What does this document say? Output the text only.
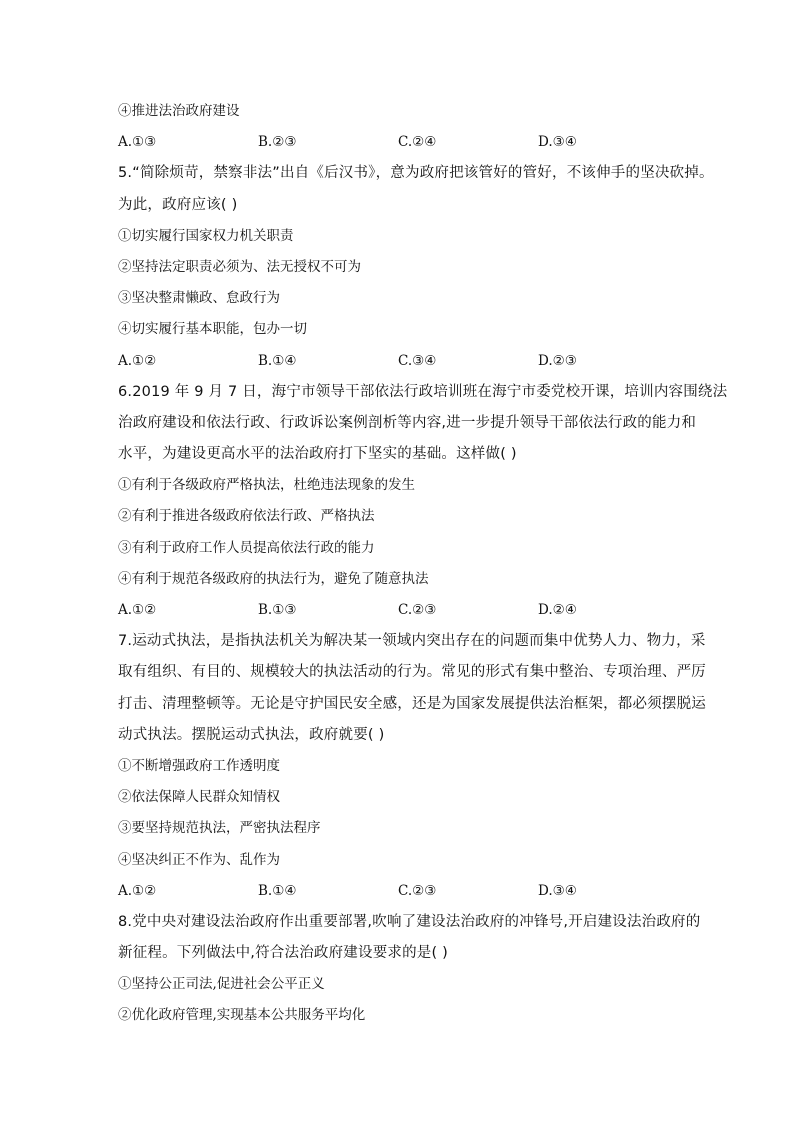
④推进法治政府建设
A.①③	B.②③	C.②④	D.③④
5.“简除烦苛，禁察非法”出自《后汉书》，意为政府把该管好的管好，不该伸手的坚决砍掉。
为此，政府应该( )
①切实履行国家权力机关职责
②坚持法定职责必须为、法无授权不可为
③坚决整肃懒政、怠政行为
④切实履行基本职能，包办一切
A.①②	B.①④	C.③④	D.②③
6.2019 年 9 月 7 日，海宁市领导干部依法行政培训班在海宁市委党校开课，培训内容围绕法
治政府建设和依法行政、行政诉讼案例剖析等内容,进一步提升领导干部依法行政的能力和
水平，为建设更高水平的法治政府打下坚实的基础。这样做( )
①有利于各级政府严格执法，杜绝违法现象的发生
②有利于推进各级政府依法行政、严格执法
③有利于政府工作人员提高依法行政的能力
④有利于规范各级政府的执法行为，避免了随意执法
A.①②	B.①③	C.②③	D.②④
7.运动式执法，是指执法机关为解决某一领域内突出存在的问题而集中优势人力、物力，采
取有组织、有目的、规模较大的执法活动的行为。常见的形式有集中整治、专项治理、严厉
打击、清理整顿等。无论是守护国民安全感，还是为国家发展提供法治框架，都必须摆脱运
动式执法。摆脱运动式执法，政府就要( )
①不断增强政府工作透明度
②依法保障人民群众知情权
③要坚持规范执法，严密执法程序
④坚决纠正不作为、乱作为
A.①②	B.①④	C.②③	D.③④
8.党中央对建设法治政府作出重要部署,吹响了建设法治政府的冲锋号,开启建设法治政府的
新征程。下列做法中,符合法治政府建设要求的是( )
①坚持公正司法,促进社会公平正义
②优化政府管理,实现基本公共服务平均化
